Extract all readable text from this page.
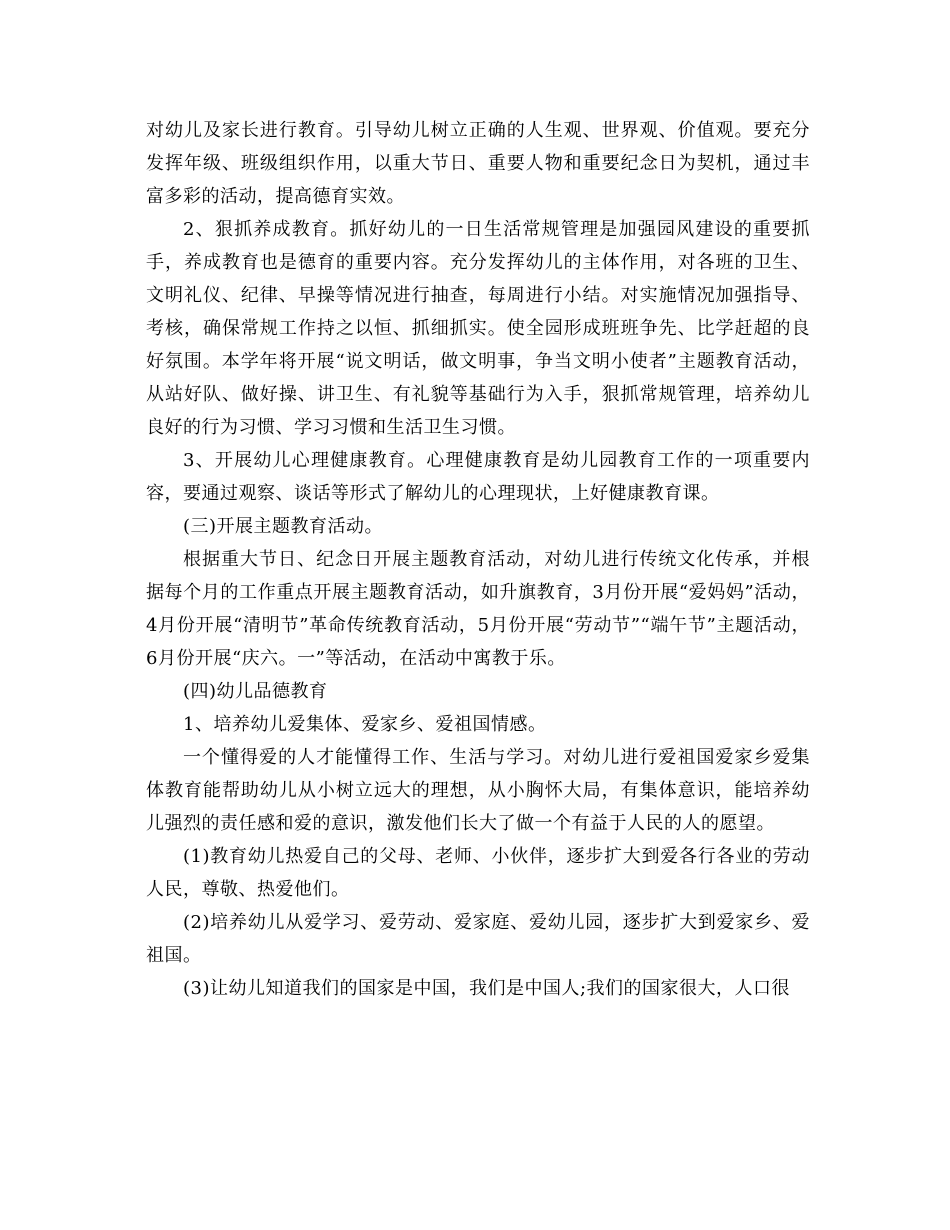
对幼儿及家长进行教育。引导幼儿树立正确的人生观、世界观、价值观。要充分发挥年级、班级组织作用，以重大节日、重要人物和重要纪念日为契机，通过丰富多彩的活动，提高德育实效。

2、狠抓养成教育。抓好幼儿的一日生活常规管理是加强园风建设的重要抓手，养成教育也是德育的重要内容。充分发挥幼儿的主体作用，对各班的卫生、文明礼仪、纪律、早操等情况进行抽查，每周进行小结。对实施情况加强指导、考核，确保常规工作持之以恒、抓细抓实。使全园形成班班争先、比学赶超的良好氛围。本学年将开展“说文明话，做文明事，争当文明小使者”主题教育活动，从站好队、做好操、讲卫生、有礼貌等基础行为入手，狠抓常规管理，培养幼儿良好的行为习惯、学习习惯和生活卫生习惯。

3、开展幼儿心理健康教育。心理健康教育是幼儿园教育工作的一项重要内容，要通过观察、谈话等形式了解幼儿的心理现状，上好健康教育课。

(三)开展主题教育活动。

根据重大节日、纪念日开展主题教育活动，对幼儿进行传统文化传承，并根据每个月的工作重点开展主题教育活动，如升旗教育，3月份开展“爱妈妈”活动，4月份开展“清明节”革命传统教育活动，5月份开展“劳动节”“端午节”主题活动，6月份开展“庆六。一”等活动，在活动中寓教于乐。

(四)幼儿品德教育

1、培养幼儿爱集体、爱家乡、爱祖国情感。

一个懂得爱的人才能懂得工作、生活与学习。对幼儿进行爱祖国爱家乡爱集体教育能帮助幼儿从小树立远大的理想，从小胸怀大局，有集体意识，能培养幼儿强烈的责任感和爱的意识，激发他们长大了做一个有益于人民的人的愿望。

(1)教育幼儿热爱自己的父母、老师、小伙伴，逐步扩大到爱各行各业的劳动人民，尊敬、热爱他们。

(2)培养幼儿从爱学习、爱劳动、爱家庭、爱幼儿园，逐步扩大到爱家乡、爱祖国。

(3)让幼儿知道我们的国家是中国，我们是中国人;我们的国家很大，人口很
